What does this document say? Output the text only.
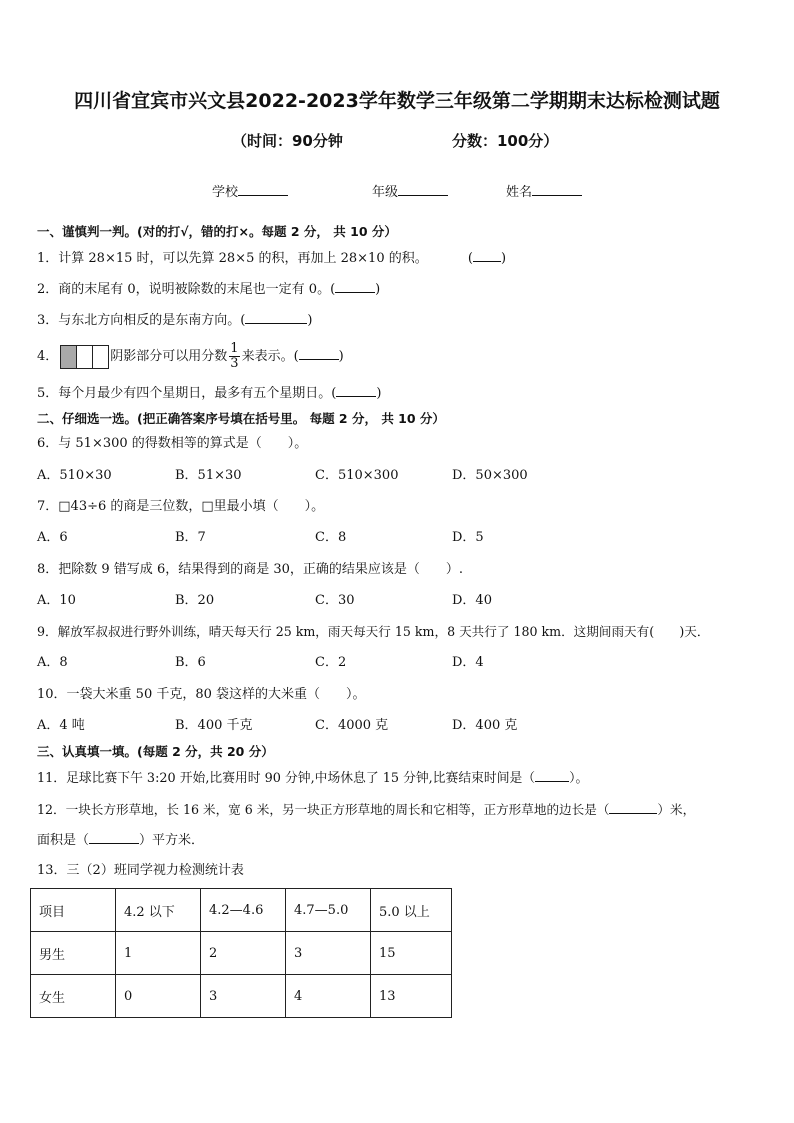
四川省宜宾市兴文县2022-2023学年数学三年级第二学期期末达标检测试题
（时间：90分钟	分数：100分）
学校	年级	姓名
一、谨慎判一判。(对的打√，错的打×。每题 2 分， 共 10 分）
1．计算 28×15 时，可以先算 28×5 的积，再加上 28×10 的积。	( )
2．商的末尾有 0，说明被除数的末尾也一定有 0。(	)
3．与东北方向相反的是东南方向。(	)
4．	阴影部分可以用分数 $\frac{1}{3}$ 来表示。(	)
5．每个月最少有四个星期日，最多有五个星期日。(	)
二、仔细选一选。(把正确答案序号填在括号里。 每题 2 分， 共 10 分）
6．与 51×300 的得数相等的算式是（　　）。
A．510×30	B．51×30	C．510×300	D．50×300
7．□43÷6 的商是三位数，□里最小填（　　）。
A．6	B．7	C．8	D．5
8．把除数 9 错写成 6，结果得到的商是 30，正确的结果应该是（　　）.
A．10	B．20	C．30	D．40
9．解放军叔叔进行野外训练，晴天每天行 25 km，雨天每天行 15 km，8 天共行了 180 km．这期间雨天有(　　)天．
A．8	B．6	C．2	D．4
10．一袋大米重 50 千克，80 袋这样的大米重（　　）。
A．4 吨	B．400 千克	C．4000 克	D．400 克
三、认真填一填。(每题 2 分，共 20 分）
11．足球比赛下午 3:20 开始,比赛用时 90 分钟,中场休息了 15 分钟,比赛结束时间是（	）。
12．一块长方形草地，长 16 米，宽 6 米，另一块正方形草地的周长和它相等，正方形草地的边长是（	）米，
面积是（	）平方米．
13．三（2）班同学视力检测统计表
项目	4.2 以下	4.2—4.6	4.7—5.0	5.0 以上
男生	1	2	3	15
女生	0	3	4	13
